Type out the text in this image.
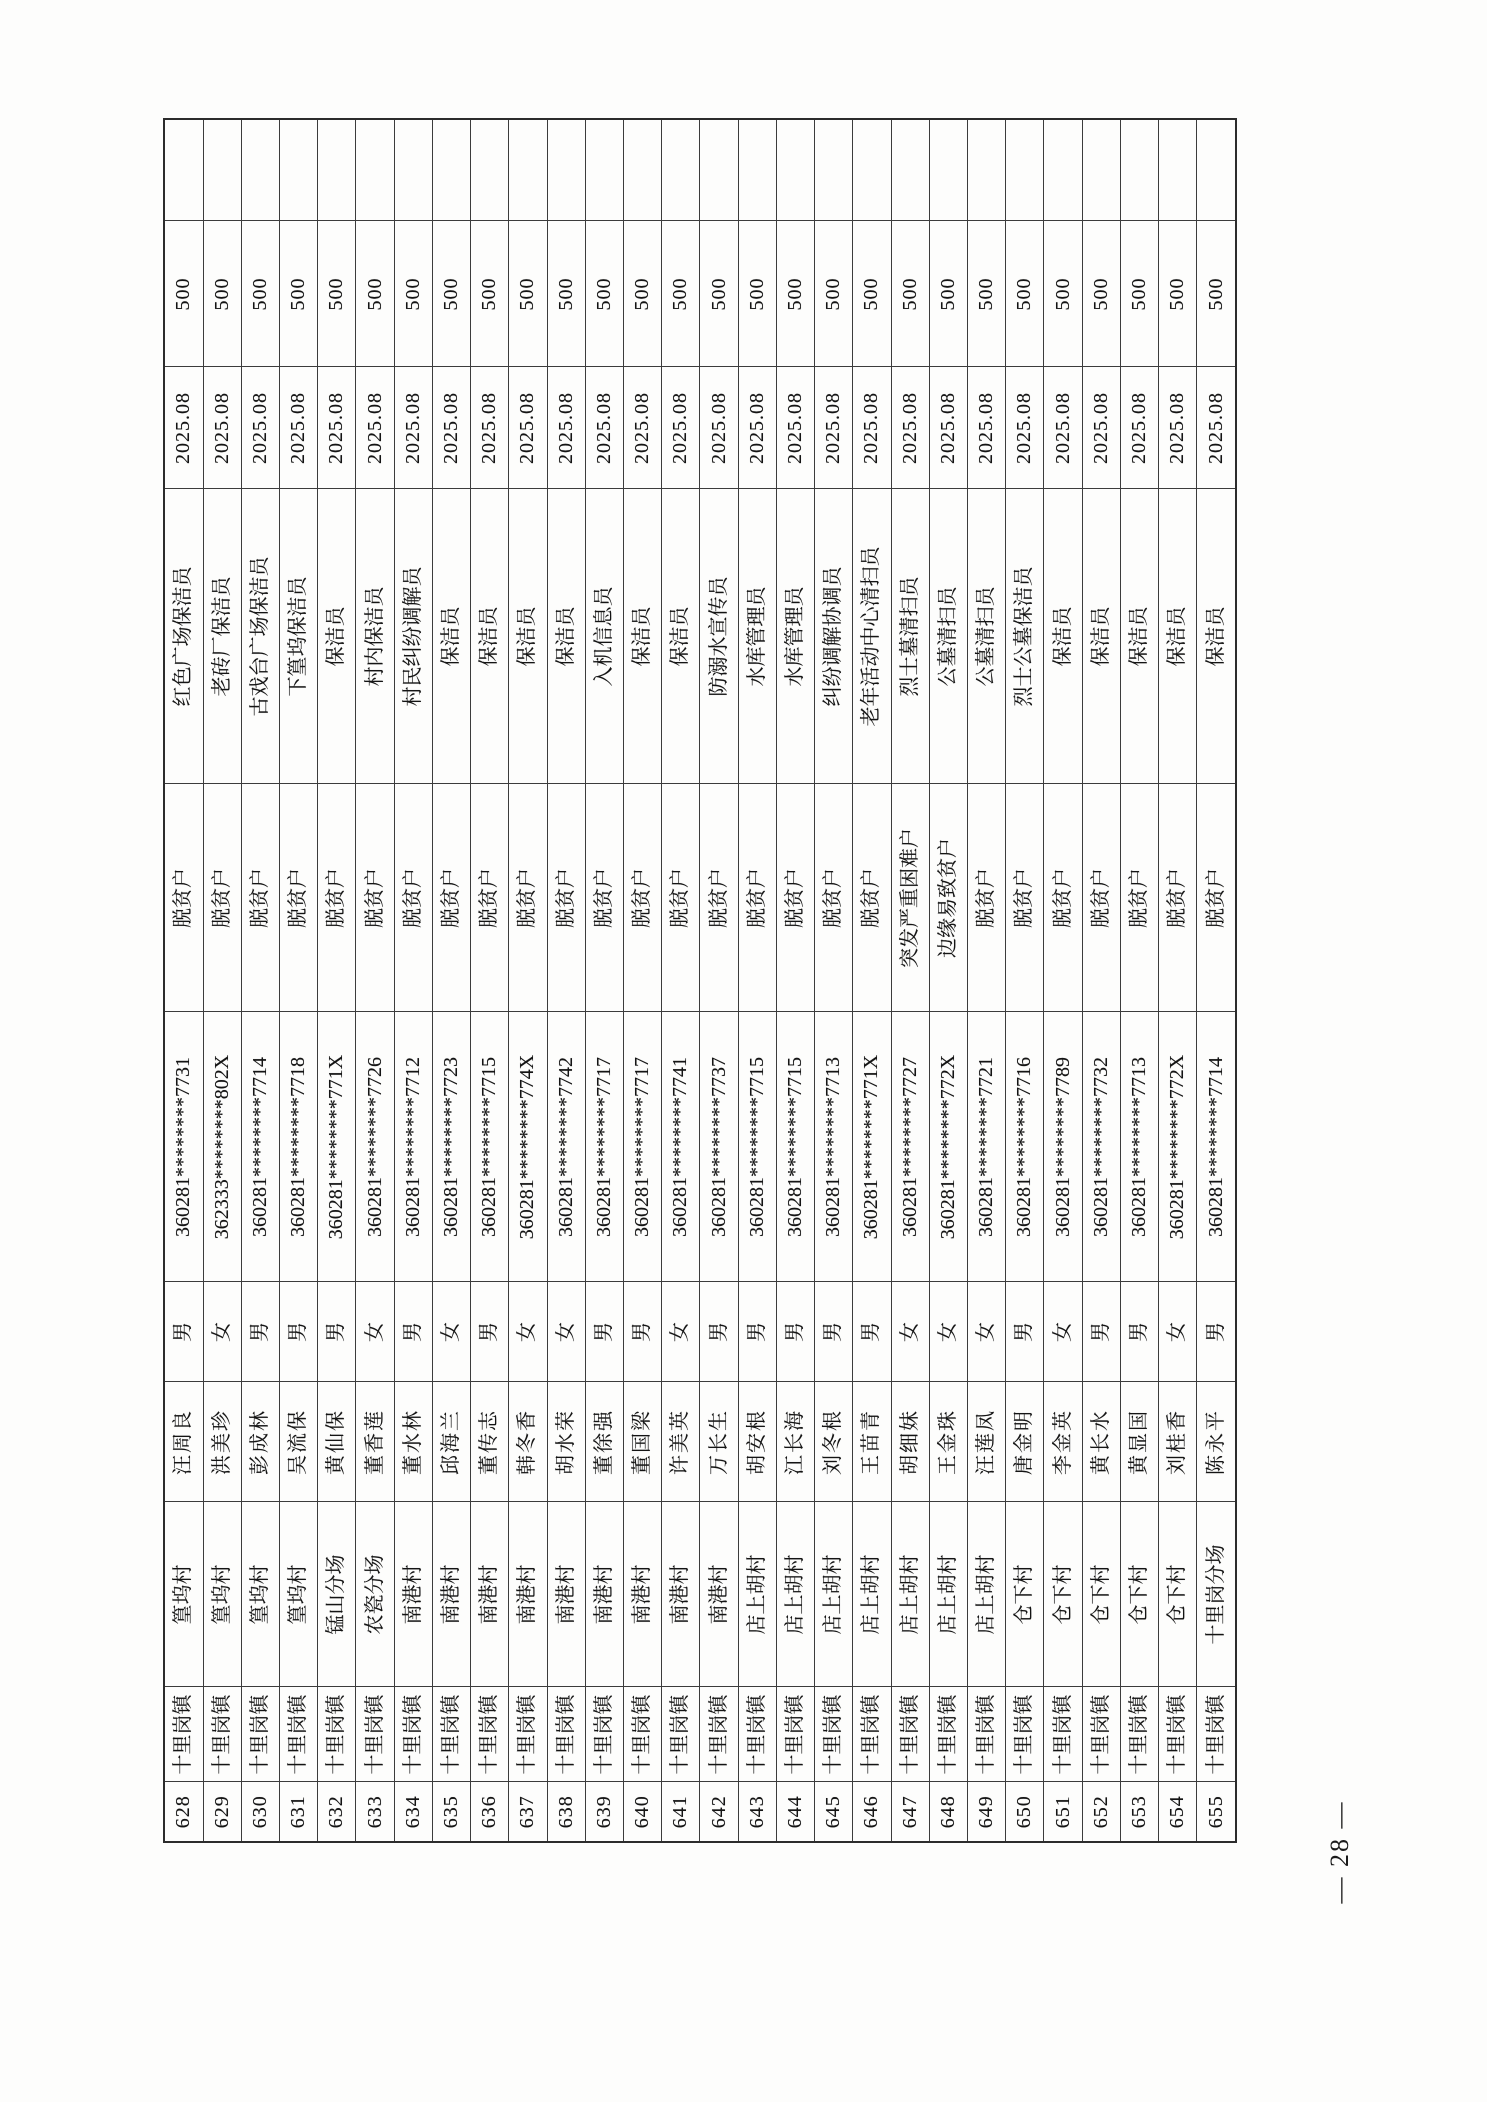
628	十里岗镇	篁坞村	汪周良	男	360281********7731	脱贫户	红色广场保洁员	2025.08	500	
629	十里岗镇	篁坞村	洪美珍	女	362333********802X	脱贫户	老砖厂保洁员	2025.08	500	
630	十里岗镇	篁坞村	彭成林	男	360281********7714	脱贫户	古戏台广场保洁员	2025.08	500	
631	十里岗镇	篁坞村	吴流保	男	360281********7718	脱贫户	下篁坞保洁员	2025.08	500	
632	十里岗镇	锰山分场	黄仙保	男	360281********771X	脱贫户	保洁员	2025.08	500	
633	十里岗镇	农瓷分场	董香莲	女	360281********7726	脱贫户	村内保洁员	2025.08	500	
634	十里岗镇	南港村	董水林	男	360281********7712	脱贫户	村民纠纷调解员	2025.08	500	
635	十里岗镇	南港村	邱海兰	女	360281********7723	脱贫户	保洁员	2025.08	500	
636	十里岗镇	南港村	董传志	男	360281********7715	脱贫户	保洁员	2025.08	500	
637	十里岗镇	南港村	韩冬香	女	360281********774X	脱贫户	保洁员	2025.08	500	
638	十里岗镇	南港村	胡水荣	女	360281********7742	脱贫户	保洁员	2025.08	500	
639	十里岗镇	南港村	董徐强	男	360281********7717	脱贫户	入机信息员	2025.08	500	
640	十里岗镇	南港村	董国梁	男	360281********7717	脱贫户	保洁员	2025.08	500	
641	十里岗镇	南港村	许美英	女	360281********7741	脱贫户	保洁员	2025.08	500	
642	十里岗镇	南港村	万长生	男	360281********7737	脱贫户	防溺水宣传员	2025.08	500	
643	十里岗镇	店上胡村	胡安根	男	360281********7715	脱贫户	水库管理员	2025.08	500	
644	十里岗镇	店上胡村	江长海	男	360281********7715	脱贫户	水库管理员	2025.08	500	
645	十里岗镇	店上胡村	刘冬根	男	360281********7713	脱贫户	纠纷调解协调员	2025.08	500	
646	十里岗镇	店上胡村	王苗青	男	360281********771X	脱贫户	老年活动中心清扫员	2025.08	500	
647	十里岗镇	店上胡村	胡细妹	女	360281********7727	突发严重困难户	烈士墓清扫员	2025.08	500	
648	十里岗镇	店上胡村	王金珠	女	360281********772X	边缘易致贫户	公墓清扫员	2025.08	500	
649	十里岗镇	店上胡村	汪莲凤	女	360281********7721	脱贫户	公墓清扫员	2025.08	500	
650	十里岗镇	仓下村	唐金明	男	360281********7716	脱贫户	烈士公墓保洁员	2025.08	500	
651	十里岗镇	仓下村	李金英	女	360281********7789	脱贫户	保洁员	2025.08	500	
652	十里岗镇	仓下村	黄长水	男	360281********7732	脱贫户	保洁员	2025.08	500	
653	十里岗镇	仓下村	黄显国	男	360281********7713	脱贫户	保洁员	2025.08	500	
654	十里岗镇	仓下村	刘桂香	女	360281********772X	脱贫户	保洁员	2025.08	500	
655	十里岗镇	十里岗分场	陈永平	男	360281********7714	脱贫户	保洁员	2025.08	500	
— 28 —
